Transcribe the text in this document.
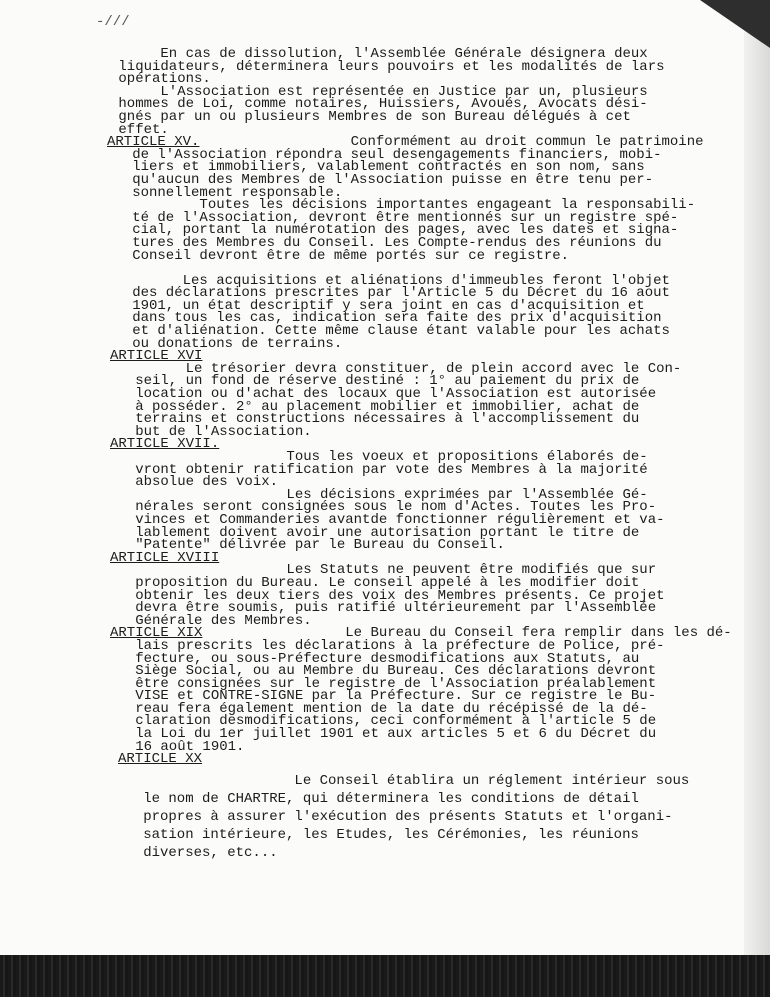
-///
En cas de dissolution, l'Assemblée Générale désignera deux
liquidateurs, déterminera leurs pouvoirs et les modalités de lars
opérations.
L'Association est représentée en Justice par un, plusieurs
hommes de Loi, comme notaires, Huissiers, Avoués, Avocats dési-
gnés par un ou plusieurs Membres de son Bureau délégués à cet
effet.
ARTICLE XV.                  Conformément au droit commun le patrimoine
de l'Association répondra seul desengagements financiers, mobi-
liers et immobiliers, valablement contractés en son nom, sans
qu'aucun des Membres de l'Association puisse en être tenu per-
sonnellement responsable.
Toutes les décisions importantes engageant la responsabili-
té de l'Association, devront être mentionnés sur un registre spé-
cial, portant la numérotation des pages, avec les dates et signa-
tures des Membres du Conseil. Les Compte-rendus des réunions du
Conseil devront être de même portés sur ce registre.

Les acquisitions et aliénations d'immeubles feront l'objet
des déclarations prescrites par l'Article 5 du Décret du 16 aout
1901, un état descriptif y sera joint en cas d'acquisition et
dans tous les cas, indication sera faite des prix d'acquisition
et d'aliénation. Cette même clause étant valable pour les achats
ou donations de terrains.
ARTICLE XVI
Le trésorier devra constituer, de plein accord avec le Con-
seil, un fond de réserve destiné : 1° au paiement du prix de
location ou d'achat des locaux que l'Association est autorisée
à posséder. 2° au placement mobilier et immobilier, achat de
terrains et constructions nécessaires à l'accomplissement du
but de l'Association.
ARTICLE XVII.
Tous les voeux et propositions élaborés de-
vront obtenir ratification par vote des Membres à la majorité
absolue des voix.
Les décisions exprimées par l'Assemblée Gé-
nérales seront consignées sous le nom d'Actes. Toutes les Pro-
vinces et Commanderies avantde fonctionner régulièrement et va-
lablement doivent avoir une autorisation portant le titre de
"Patente" délivrée par le Bureau du Conseil.
ARTICLE XVIII
Les Statuts ne peuvent être modifiés que sur
proposition du Bureau. Le conseil appelé à les modifier doit
obtenir les deux tiers des voix des Membres présents. Ce projet
devra être soumis, puis ratifié ultérieurement par l'Assemblée
Générale des Membres.
ARTICLE XIX                 Le Bureau du Conseil fera remplir dans les dé-
lais prescrits les déclarations à la préfecture de Police, pré-
fecture, ou sous-Préfecture desmodifications aux Statuts, au
Siège Social, ou au Membre du Bureau. Ces déclarations devront
être consignées sur le registre de l'Association préalablement
VISE et CONTRE-SIGNE par la Préfecture. Sur ce registre le Bu-
reau fera également mention de la date du récépissé de la dé-
claration desmodifications, ceci conformément à l'article 5 de
la Loi du 1er juillet 1901 et aux articles 5 et 6 du Décret du
16 août 1901.
ARTICLE XX

Le Conseil établira un réglement intérieur sous
le nom de CHARTRE, qui déterminera les conditions de détail
propres à assurer l'exécution des présents Statuts et l'organi-
sation intérieure, les Etudes, les Cérémonies, les réunions
diverses, etc...
